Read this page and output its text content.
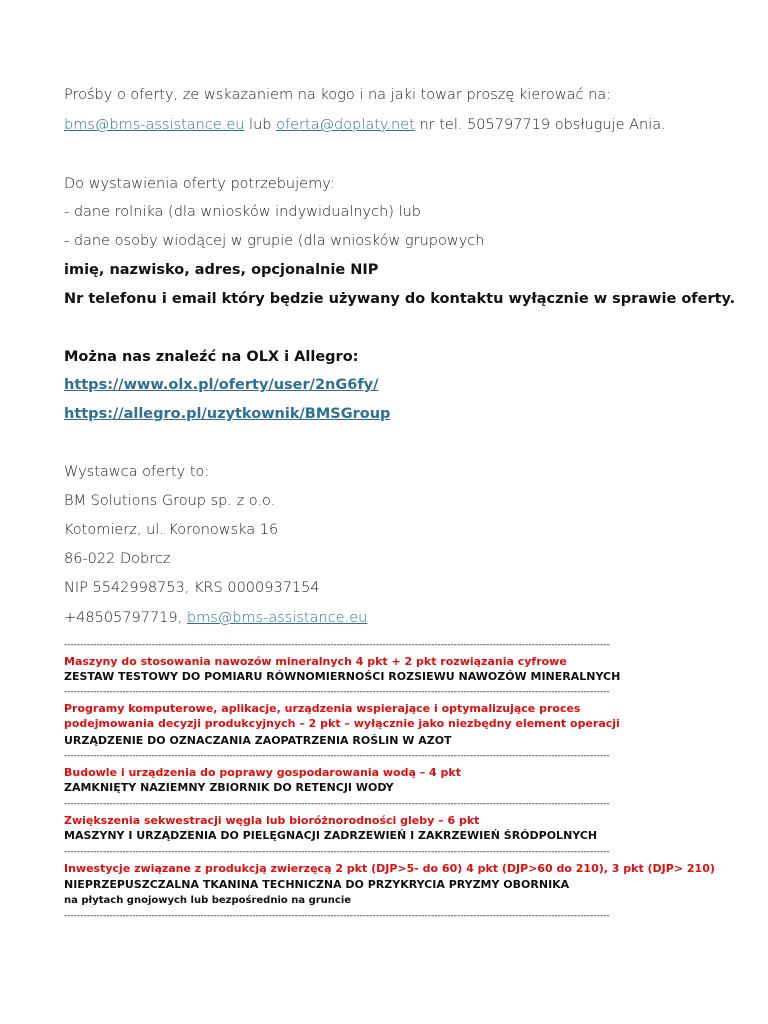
Prośby o oferty, ze wskazaniem na kogo i na jaki towar proszę kierować na:
bms@bms-assistance.eu lub oferta@doplaty.net nr tel. 505797719 obsługuje Ania.
Do wystawienia oferty potrzebujemy:
- dane rolnika (dla wniosków indywidualnych) lub
- dane osoby wiodącej w grupie (dla wniosków grupowych
imię, nazwisko, adres, opcjonalnie NIP
Nr telefonu i email który będzie używany do kontaktu wyłącznie w sprawie oferty.
Można nas znaleźć na OLX i Allegro:
https://www.olx.pl/oferty/user/2nG6fy/
https://allegro.pl/uzytkownik/BMSGroup
Wystawca oferty to:
BM Solutions Group sp. z o.o.
Kotomierz, ul. Koronowska 16
86-022 Dobrcz
NIP 5542998753, KRS 0000937154
+48505797719, bms@bms-assistance.eu
------------------------------------------------------------------------------------------------------------------------------------------------------------------------
Maszyny do stosowania nawozów mineralnych 4 pkt + 2 pkt rozwiązania cyfrowe
ZESTAW TESTOWY DO POMIARU RÓWNOMIERNOŚCI ROZSIEWU NAWOZÓW MINERALNYCH
------------------------------------------------------------------------------------------------------------------------------------------------------------------------
Programy komputerowe, aplikacje, urządzenia wspierające i optymalizujące proces
podejmowania decyzji produkcyjnych – 2 pkt – wyłącznie jako niezbędny element operacji
URZĄDZENIE DO OZNACZANIA ZAOPATRZENIA ROŚLIN W AZOT
------------------------------------------------------------------------------------------------------------------------------------------------------------------------
Budowle i urządzenia do poprawy gospodarowania wodą – 4 pkt
ZAMKNIĘTY NAZIEMNY ZBIORNIK DO RETENCJI WODY
------------------------------------------------------------------------------------------------------------------------------------------------------------------------
Zwiększenia sekwestracji węgla lub bioróżnorodności gleby – 6 pkt
MASZYNY I URZĄDZENIA DO PIELĘGNACJI ZADRZEWIEŃ I ZAKRZEWIEŃ ŚRÓDPOLNYCH
------------------------------------------------------------------------------------------------------------------------------------------------------------------------
Inwestycje związane z produkcją zwierzęcą 2 pkt (DJP>5- do 60) 4 pkt (DJP>60 do 210), 3 pkt (DJP> 210)
NIEPRZEPUSZCZALNA TKANINA TECHNICZNA DO PRZYKRYCIA PRYZMY OBORNIKA
na płytach gnojowych lub bezpośrednio na gruncie
------------------------------------------------------------------------------------------------------------------------------------------------------------------------
